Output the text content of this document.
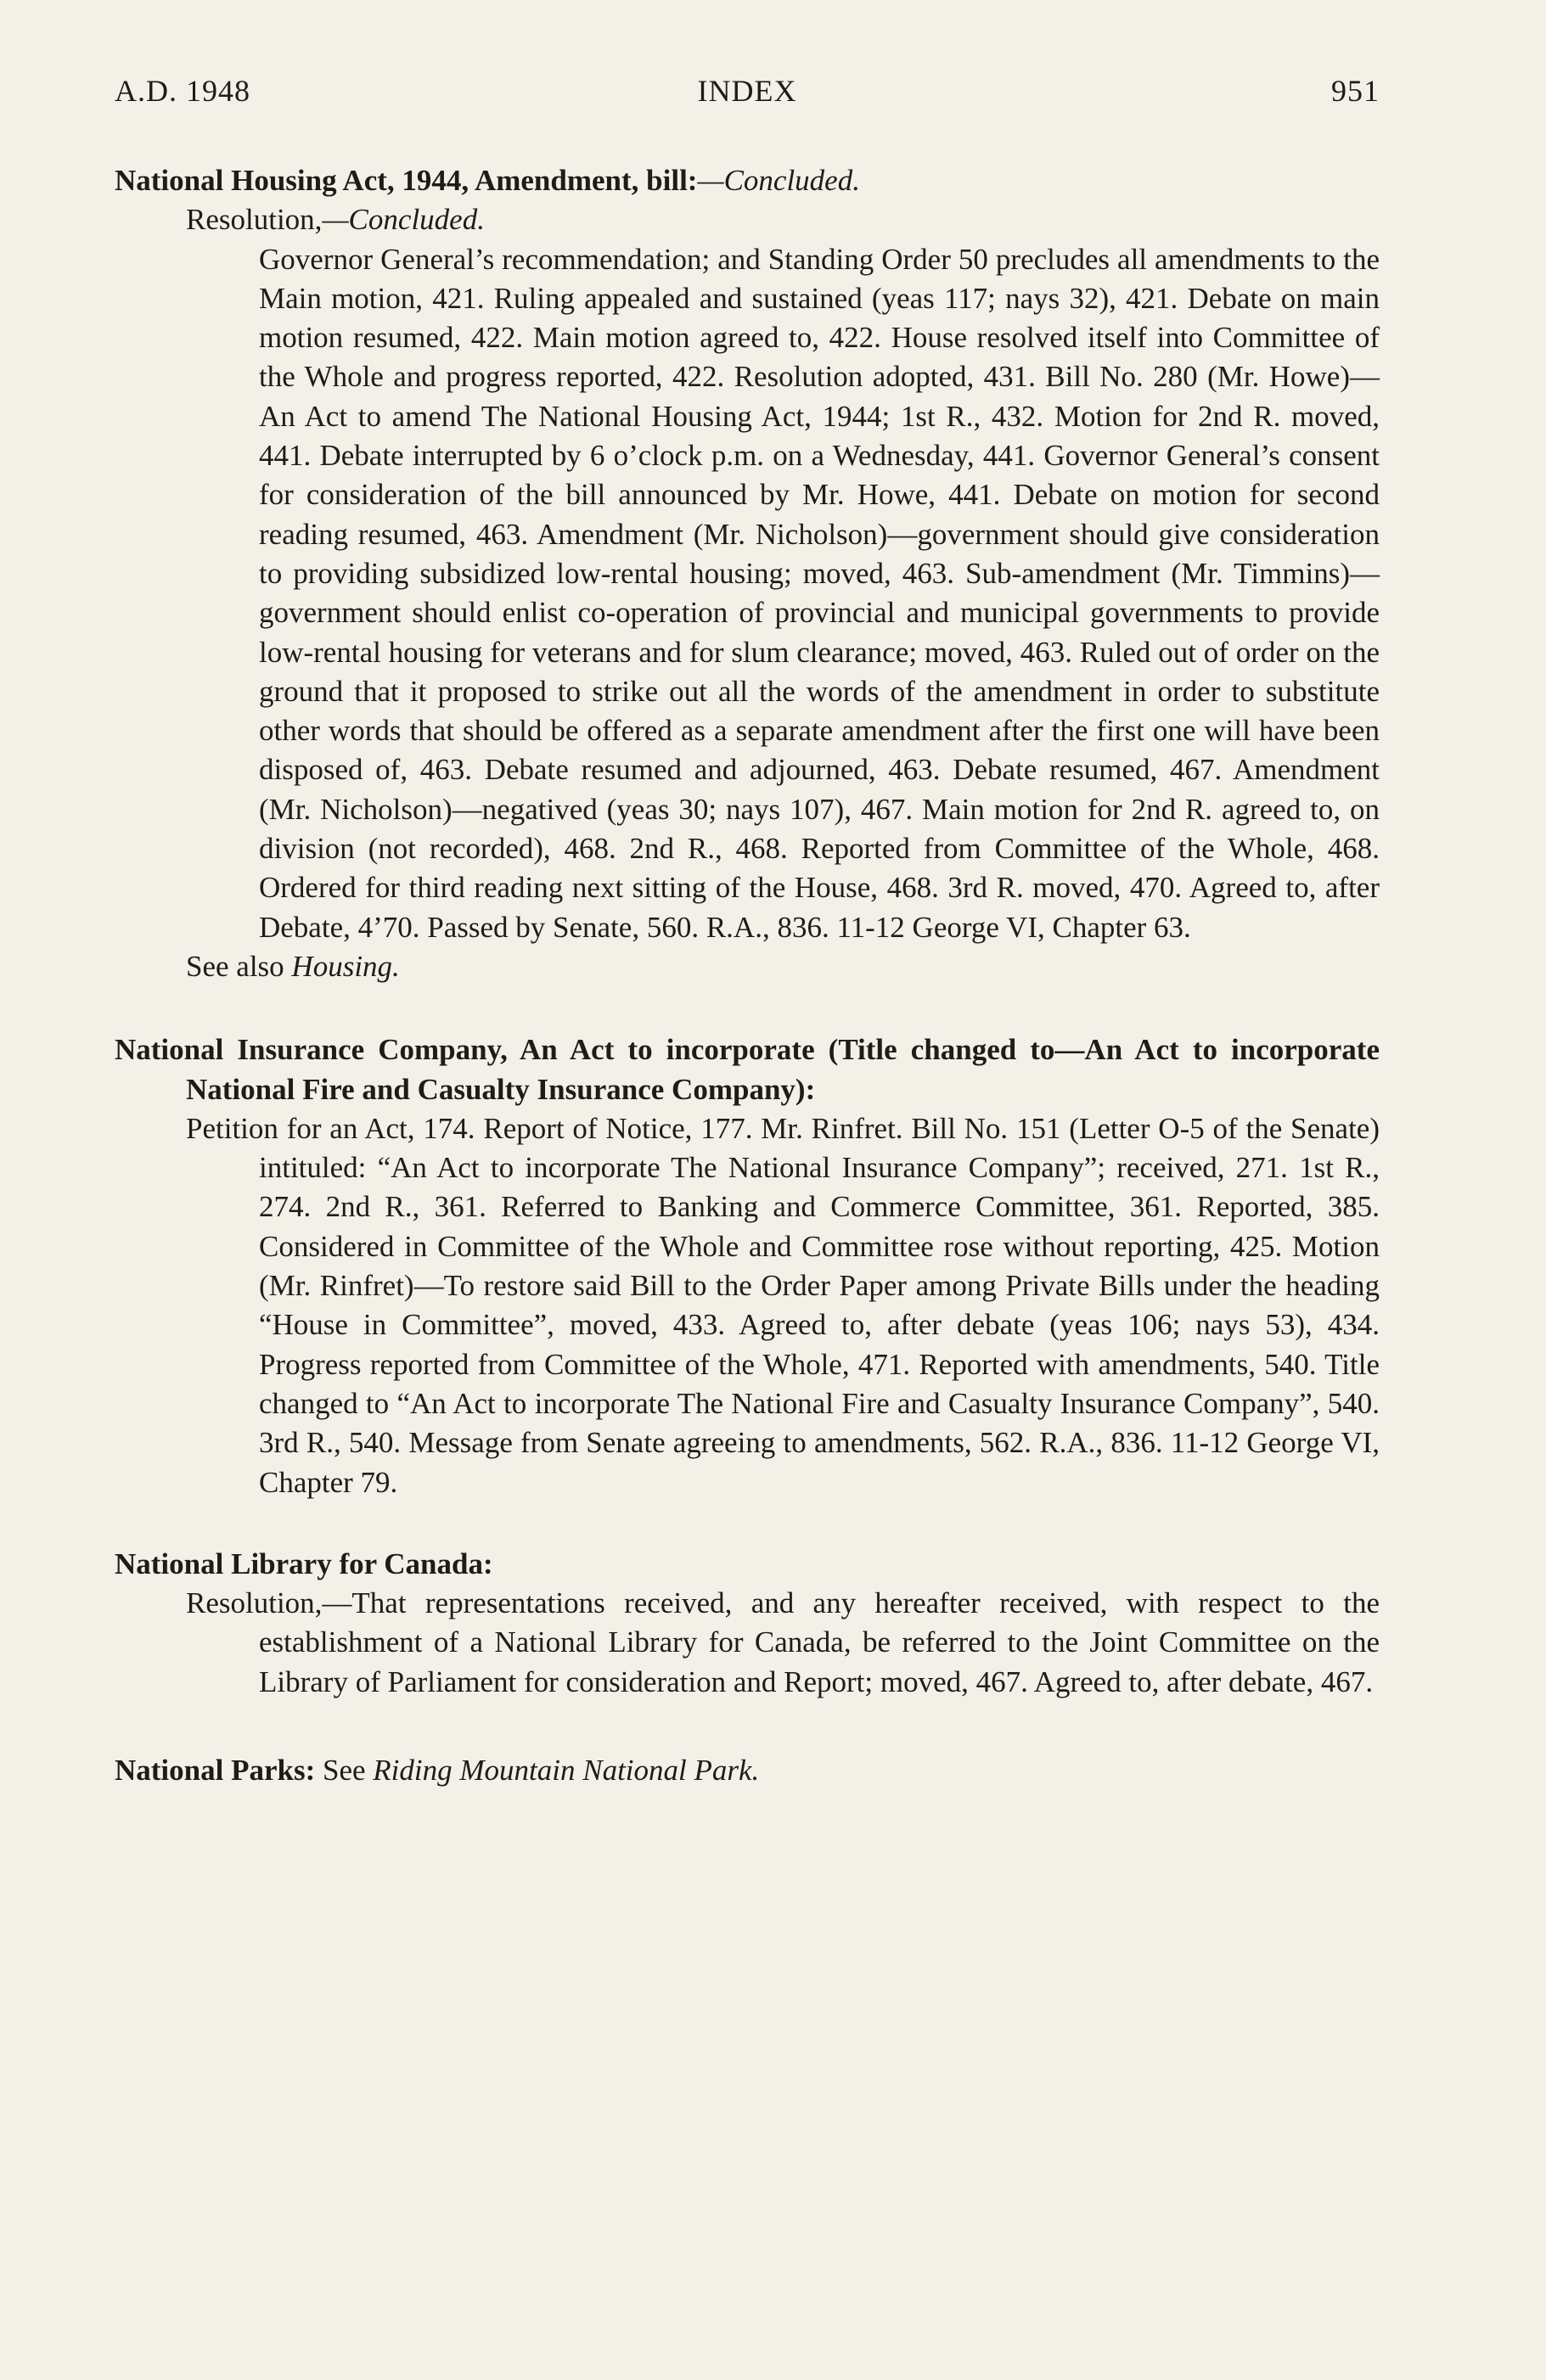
A.D. 1948	INDEX	951

National Housing Act, 1944, Amendment, bill:—Concluded.

Resolution,—Concluded.

Governor General’s recommendation; and Standing Order 50 precludes all amendments to the Main motion, 421. Ruling appealed and sustained (yeas 117; nays 32), 421. Debate on main motion resumed, 422. Main motion agreed to, 422. House resolved itself into Committee of the Whole and progress reported, 422. Resolution adopted, 431. Bill No. 280 (Mr. Howe)—An Act to amend The National Housing Act, 1944; 1st R., 432. Motion for 2nd R. moved, 441. Debate interrupted by 6 o’clock p.m. on a Wednesday, 441. Governor General’s consent for consideration of the bill announced by Mr. Howe, 441. Debate on motion for second reading resumed, 463. Amendment (Mr. Nicholson)—government should give consideration to providing subsidized low-rental housing; moved, 463. Sub-amendment (Mr. Timmins)—government should enlist co-operation of provincial and municipal governments to provide low-rental housing for veterans and for slum clearance; moved, 463. Ruled out of order on the ground that it proposed to strike out all the words of the amendment in order to substitute other words that should be offered as a separate amendment after the first one will have been disposed of, 463. Debate resumed and adjourned, 463. Debate resumed, 467. Amendment (Mr. Nicholson)—negatived (yeas 30; nays 107), 467. Main motion for 2nd R. agreed to, on division (not recorded), 468. 2nd R., 468. Reported from Committee of the Whole, 468. Ordered for third reading next sitting of the House, 468. 3rd R. moved, 470. Agreed to, after Debate, 4’70. Passed by Senate, 560. R.A., 836. 11-12 George VI, Chapter 63.

See also Housing.

National Insurance Company, An Act to incorporate (Title changed to—An Act to incorporate National Fire and Casualty Insurance Company):

Petition for an Act, 174. Report of Notice, 177. Mr. Rinfret. Bill No. 151 (Letter O-5 of the Senate) intituled: “An Act to incorporate The National Insurance Company”; received, 271. 1st R., 274. 2nd R., 361. Referred to Banking and Commerce Committee, 361. Reported, 385. Considered in Committee of the Whole and Committee rose without reporting, 425. Motion (Mr. Rinfret)—To restore said Bill to the Order Paper among Private Bills under the heading “House in Committee”, moved, 433. Agreed to, after debate (yeas 106; nays 53), 434. Progress reported from Committee of the Whole, 471. Reported with amendments, 540. Title changed to “An Act to incorporate The National Fire and Casualty Insurance Company”, 540. 3rd R., 540. Message from Senate agreeing to amendments, 562. R.A., 836. 11-12 George VI, Chapter 79.

National Library for Canada:

Resolution,—That representations received, and any hereafter received, with respect to the establishment of a National Library for Canada, be referred to the Joint Committee on the Library of Parliament for consideration and Report; moved, 467. Agreed to, after debate, 467.

National Parks: See Riding Mountain National Park.
